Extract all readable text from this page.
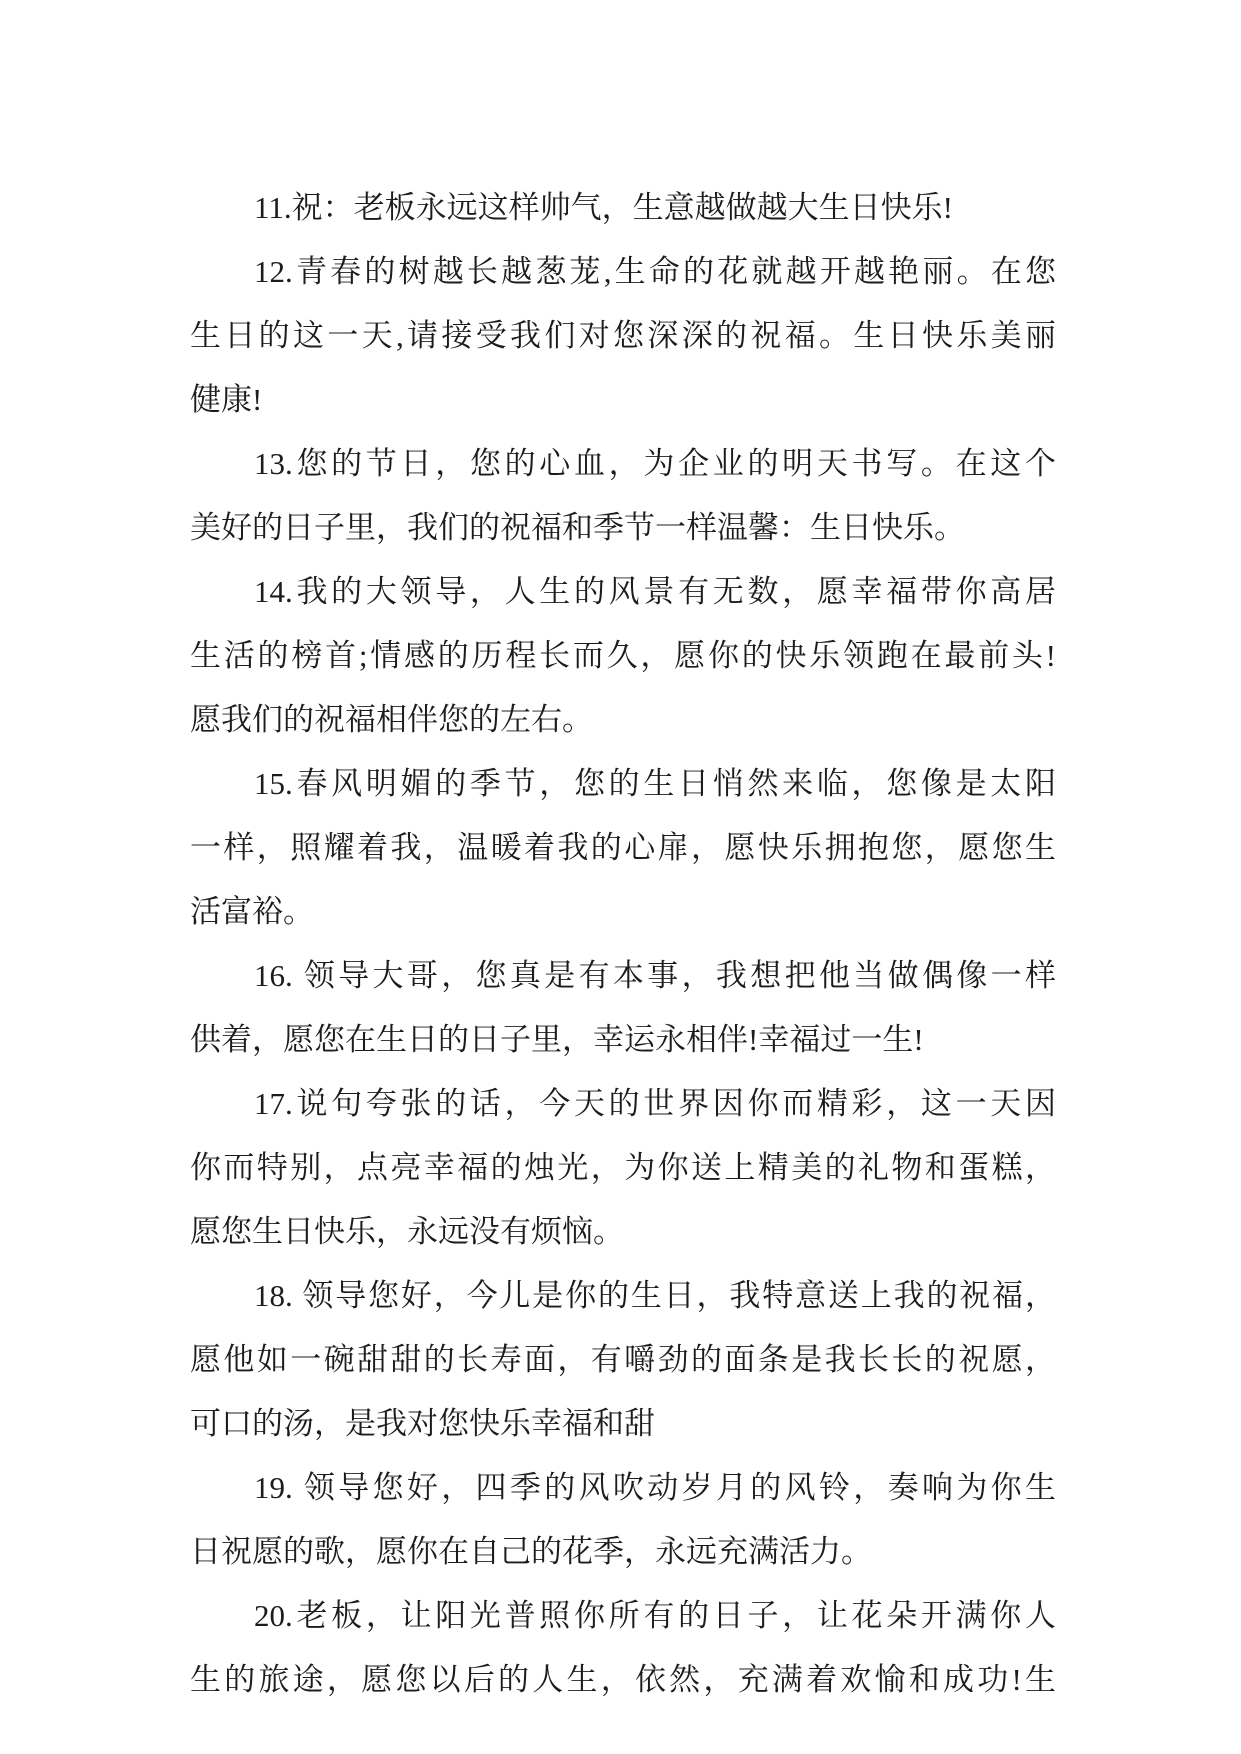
11.祝：老板永远这样帅气，生意越做越大生日快乐!
12.青春的树越长越葱茏,生命的花就越开越艳丽。在您
生日的这一天,请接受我们对您深深的祝福。生日快乐美丽
健康!
13.您的节日，您的心血，为企业的明天书写。在这个
美好的日子里，我们的祝福和季节一样温馨：生日快乐。
14.我的大领导，人生的风景有无数，愿幸福带你高居
生活的榜首;情感的历程长而久，愿你的快乐领跑在最前头!
愿我们的祝福相伴您的左右。
15.春风明媚的季节，您的生日悄然来临，您像是太阳
一样，照耀着我，温暖着我的心扉，愿快乐拥抱您，愿您生
活富裕。
16. 领导大哥，您真是有本事，我想把他当做偶像一样
供着，愿您在生日的日子里，幸运永相伴!幸福过一生!
17.说句夸张的话，今天的世界因你而精彩，这一天因
你而特别，点亮幸福的烛光，为你送上精美的礼物和蛋糕，
愿您生日快乐，永远没有烦恼。
18. 领导您好，今儿是你的生日，我特意送上我的祝福，
愿他如一碗甜甜的长寿面，有嚼劲的面条是我长长的祝愿，
可口的汤，是我对您快乐幸福和甜
19. 领导您好，四季的风吹动岁月的风铃，奏响为你生
日祝愿的歌，愿你在自己的花季，永远充满活力。
20.老板，让阳光普照你所有的日子，让花朵开满你人
生的旅途，愿您以后的人生，依然，充满着欢愉和成功!生
